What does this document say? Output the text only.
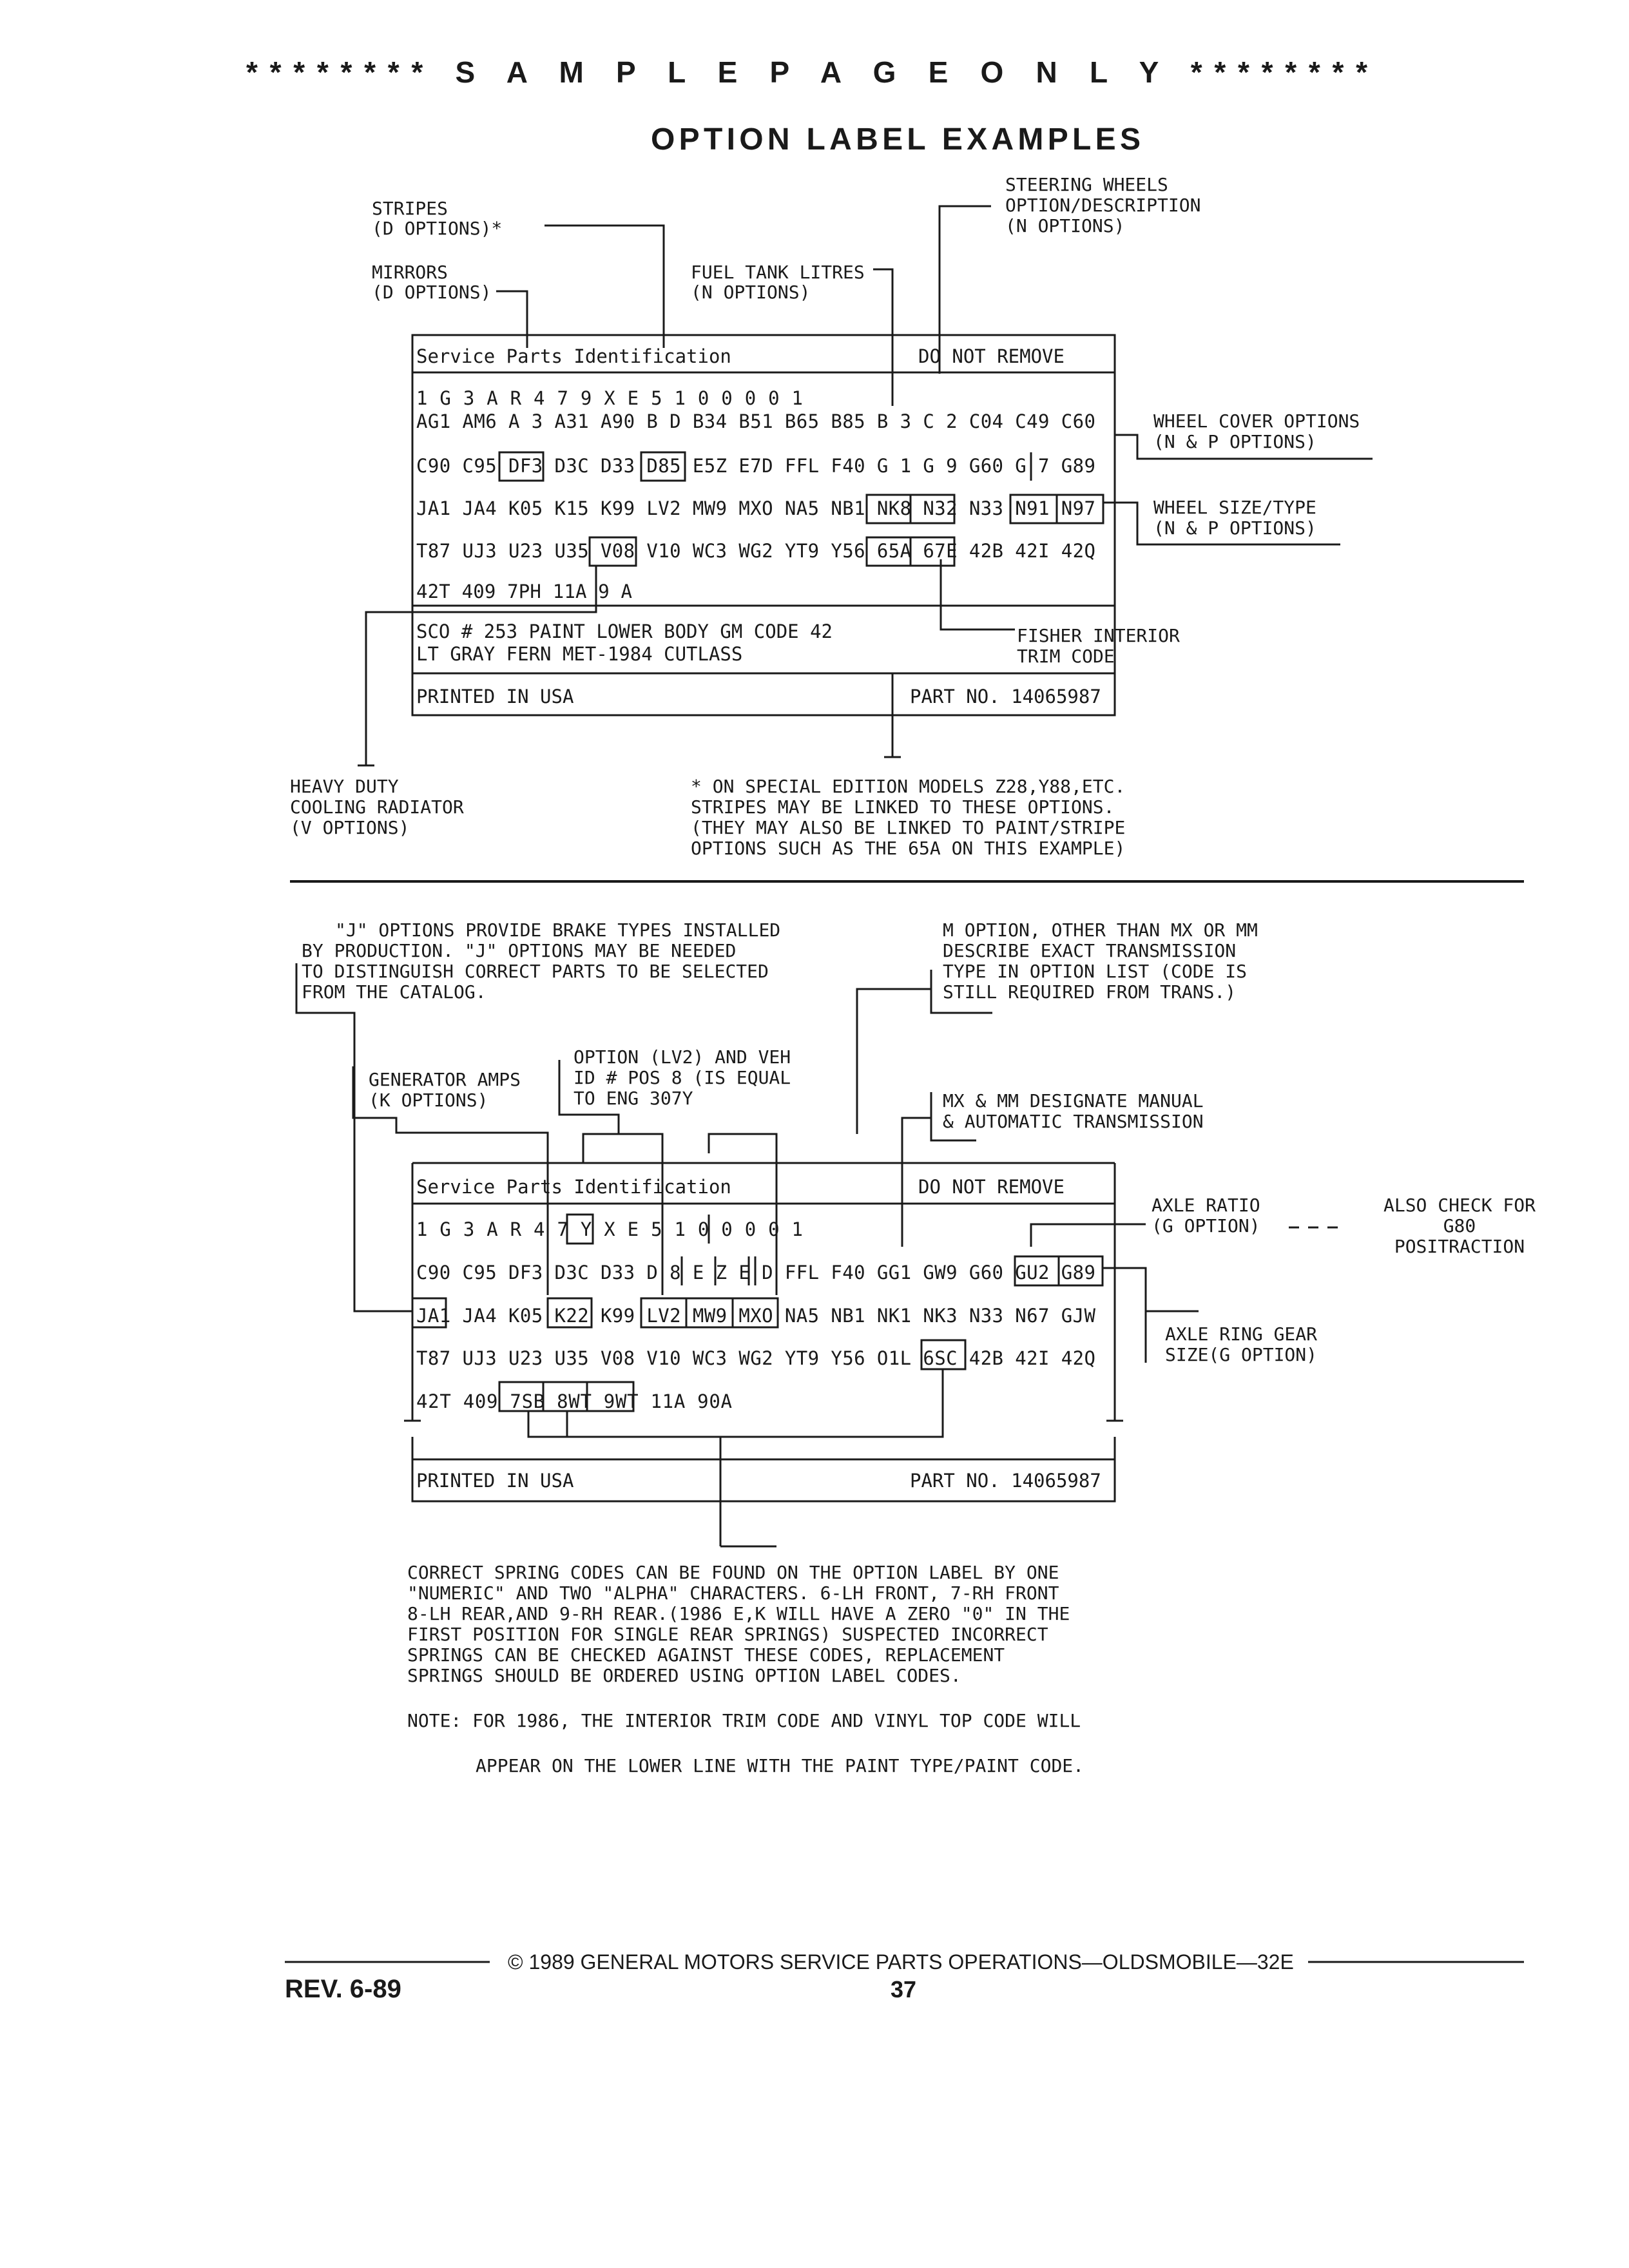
******** S A M P L E P A G E O N L Y ********
OPTION LABEL EXAMPLES
STRIPES
(D OPTIONS)*
MIRRORS
(D OPTIONS)
FUEL TANK LITRES
(N OPTIONS)
STEERING WHEELS
OPTION/DESCRIPTION
(N OPTIONS)
WHEEL COVER OPTIONS
(N & P OPTIONS)
WHEEL SIZE/TYPE
(N & P OPTIONS)
FISHER INTERIOR
TRIM CODE
HEAVY DUTY
COOLING RADIATOR
(V OPTIONS)
* ON SPECIAL EDITION MODELS Z28,Y88,ETC.
STRIPES MAY BE LINKED TO THESE OPTIONS.
(THEY MAY ALSO BE LINKED TO PAINT/STRIPE
OPTIONS SUCH AS THE 65A ON THIS EXAMPLE)
Service Parts Identification	DO NOT REMOVE
1 G 3 A R 4 7 9 X E 5 1 0 0 0 0 1
AG1 AM6 A 3 A31 A90 B D B34 B51 B65 B85 B 3 C 2 C04 C49 C60
C90 C95 DF3 D3C D33 D85 E5Z E7D FFL F40 G 1 G 9 G60 G 7 G89
JA1 JA4 K05 K15 K99 LV2 MW9 MXO NA5 NB1 NK8 N32 N33 N91 N97
T87 UJ3 U23 U35 V08 V10 WC3 WG2 YT9 Y56 65A 67E 42B 42I 42Q
42T 409 7PH 11A 9 A
SCO # 253 PAINT LOWER BODY GM CODE 42
LT GRAY FERN MET-1984 CUTLASS
PRINTED IN USA	PART NO. 14065987
"J" OPTIONS PROVIDE BRAKE TYPES INSTALLED
BY PRODUCTION. "J" OPTIONS MAY BE NEEDED
TO DISTINGUISH CORRECT PARTS TO BE SELECTED
FROM THE CATALOG.
M OPTION, OTHER THAN MX OR MM
DESCRIBE EXACT TRANSMISSION
TYPE IN OPTION LIST (CODE IS
STILL REQUIRED FROM TRANS.)
GENERATOR AMPS
(K OPTIONS)
OPTION (LV2) AND VEH
ID # POS 8 (IS EQUAL
TO ENG 307Y	MX & MM DESIGNATE MANUAL
& AUTOMATIC TRANSMISSION
AXLE RATIO
(G OPTION)
ALSO CHECK FOR
G80
POSITRACTION
AXLE RING GEAR
SIZE(G OPTION)
Service Parts Identification	DO NOT REMOVE
1 G 3 A R 4 7 Y X E 5 1 0 0 0 0 1
C90 C95 DF3 D3C D33 D 8 E Z E D FFL F40 GG1 GW9 G60 GU2 G89
JA1 JA4 K05 K22 K99 LV2 MW9 MXO NA5 NB1 NK1 NK3 N33 N67 GJW
T87 UJ3 U23 U35 V08 V10 WC3 WG2 YT9 Y56 O1L 6SC 42B 42I 42Q
42T 409 7SB 8WT 9WT 11A 90A
PRINTED IN USA	PART NO. 14065987
CORRECT SPRING CODES CAN BE FOUND ON THE OPTION LABEL BY ONE
"NUMERIC" AND TWO "ALPHA" CHARACTERS. 6-LH FRONT, 7-RH FRONT
8-LH REAR,AND 9-RH REAR.(1986 E,K WILL HAVE A ZERO "0" IN THE
FIRST POSITION FOR SINGLE REAR SPRINGS) SUSPECTED INCORRECT
SPRINGS CAN BE CHECKED AGAINST THESE CODES, REPLACEMENT
SPRINGS SHOULD BE ORDERED USING OPTION LABEL CODES.
NOTE: FOR 1986, THE INTERIOR TRIM CODE AND VINYL TOP CODE WILL
APPEAR ON THE LOWER LINE WITH THE PAINT TYPE/PAINT CODE.
© 1989 GENERAL MOTORS SERVICE PARTS OPERATIONS—OLDSMOBILE—32E
REV. 6-89	37
